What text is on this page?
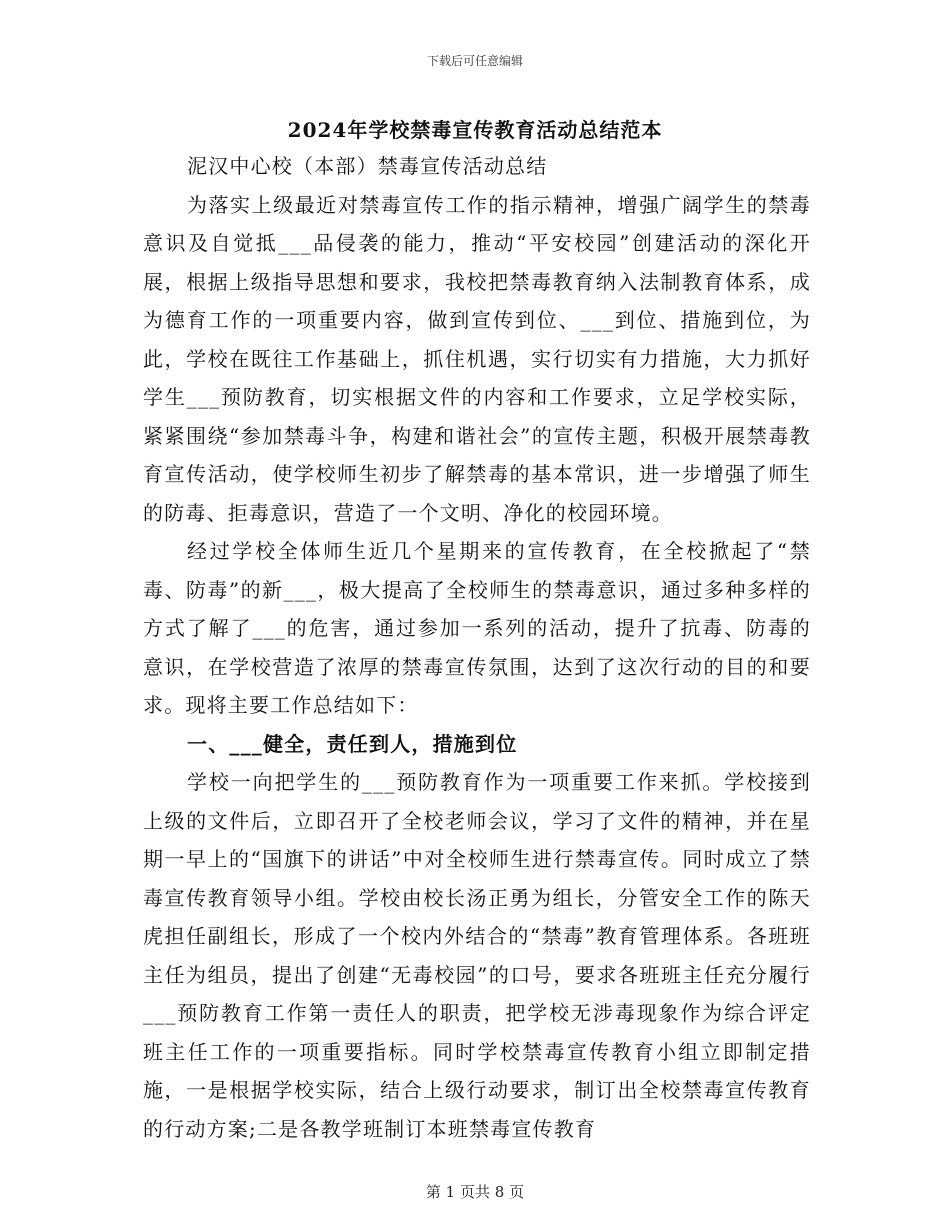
下载后可任意编辑
2024年学校禁毒宣传教育活动总结范本

泥汉中心校（本部）禁毒宣传活动总结

为落实上级最近对禁毒宣传工作的指示精神，增强广阔学生的禁毒意识及自觉抵___品侵袭的能力，推动“平安校园”创建活动的深化开展，根据上级指导思想和要求，我校把禁毒教育纳入法制教育体系，成为德育工作的一项重要内容，做到宣传到位、___到位、措施到位，为此，学校在既往工作基础上，抓住机遇，实行切实有力措施，大力抓好学生___预防教育，切实根据文件的内容和工作要求，立足学校实际，紧紧围绕“参加禁毒斗争，构建和谐社会”的宣传主题，积极开展禁毒教育宣传活动，使学校师生初步了解禁毒的基本常识，进一步增强了师生的防毒、拒毒意识，营造了一个文明、净化的校园环境。

经过学校全体师生近几个星期来的宣传教育，在全校掀起了“禁毒、防毒”的新___，极大提高了全校师生的禁毒意识，通过多种多样的方式了解了___的危害，通过参加一系列的活动，提升了抗毒、防毒的意识，在学校营造了浓厚的禁毒宣传氛围，达到了这次行动的目的和要求。现将主要工作总结如下：

一、___健全，责任到人，措施到位

学校一向把学生的___预防教育作为一项重要工作来抓。学校接到上级的文件后，立即召开了全校老师会议，学习了文件的精神，并在星期一早上的“国旗下的讲话”中对全校师生进行禁毒宣传。同时成立了禁毒宣传教育领导小组。学校由校长汤正勇为组长，分管安全工作的陈天虎担任副组长，形成了一个校内外结合的“禁毒”教育管理体系。各班班主任为组员，提出了创建“无毒校园”的口号，要求各班班主任充分履行___预防教育工作第一责任人的职责，把学校无涉毒现象作为综合评定班主任工作的一项重要指标。同时学校禁毒宣传教育小组立即制定措施，一是根据学校实际，结合上级行动要求，制订出全校禁毒宣传教育的行动方案;二是各教学班制订本班禁毒宣传教育

第 1 页共 8 页
